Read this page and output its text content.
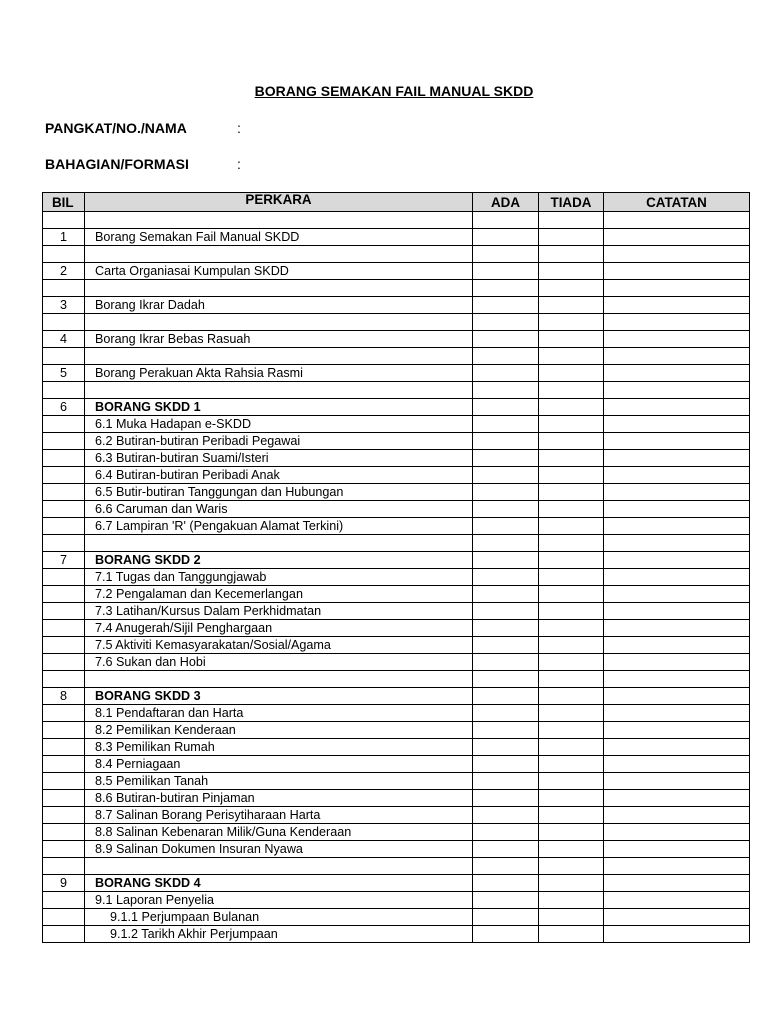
BORANG SEMAKAN FAIL MANUAL SKDD
PANGKAT/NO./NAMA	:
BAHAGIAN/FORMASI	:
BIL	PERKARA	ADA	TIADA	CATATAN

1	Borang Semakan Fail Manual SKDD			

2	Carta Organiasai Kumpulan SKDD			

3	Borang Ikrar Dadah			

4	Borang Ikrar Bebas Rasuah			

5	Borang Perakuan Akta Rahsia Rasmi			

6	BORANG SKDD 1			
	6.1 Muka Hadapan e-SKDD			
	6.2 Butiran-butiran Peribadi Pegawai			
	6.3 Butiran-butiran Suami/Isteri			
	6.4 Butiran-butiran Peribadi Anak			
	6.5 Butir-butiran Tanggungan dan Hubungan			
	6.6 Caruman dan Waris			
	6.7 Lampiran 'R' (Pengakuan Alamat Terkini)			

7	BORANG SKDD 2			
	7.1 Tugas dan Tanggungjawab			
	7.2 Pengalaman dan Kecemerlangan			
	7.3 Latihan/Kursus Dalam Perkhidmatan			
	7.4 Anugerah/Sijil Penghargaan			
	7.5 Aktiviti Kemasyarakatan/Sosial/Agama			
	7.6 Sukan dan Hobi			

8	BORANG SKDD 3			
	8.1 Pendaftaran dan Harta			
	8.2 Pemilikan Kenderaan			
	8.3 Pemilikan Rumah			
	8.4 Perniagaan			
	8.5 Pemilikan Tanah			
	8.6 Butiran-butiran Pinjaman			
	8.7 Salinan Borang Perisytiharaan Harta			
	8.8 Salinan Kebenaran Milik/Guna Kenderaan			
	8.9 Salinan Dokumen Insuran Nyawa			

9	BORANG SKDD 4			
	9.1 Laporan Penyelia			
	9.1.1 Perjumpaan Bulanan			
	9.1.2 Tarikh Akhir Perjumpaan			
